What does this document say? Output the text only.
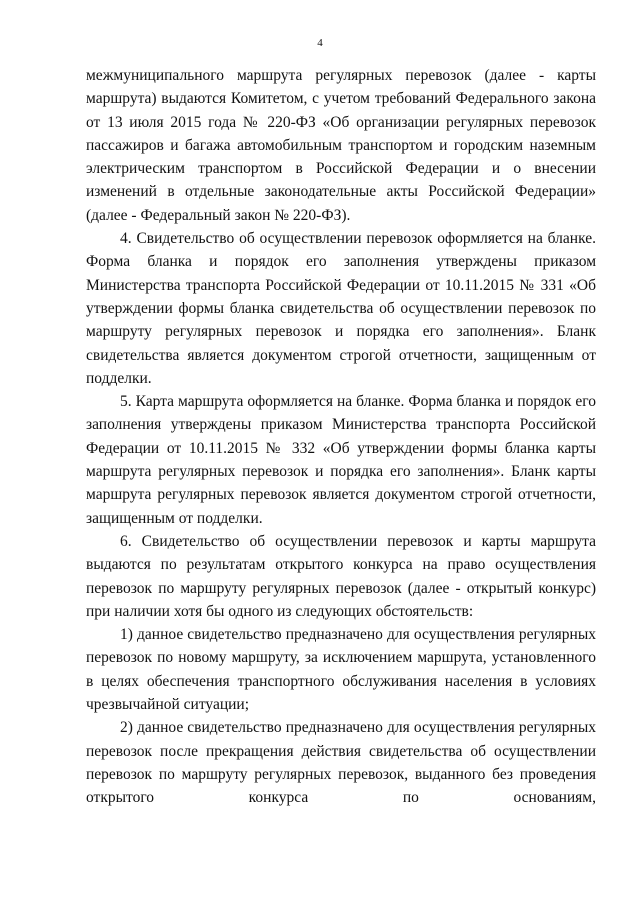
4

межмуниципального маршрута регулярных перевозок (далее - карты маршрута) выдаются Комитетом, с учетом требований Федерального закона от 13 июля 2015 года № 220-ФЗ «Об организации регулярных перевозок пассажиров и багажа автомобильным транспортом и городским наземным электрическим транспортом в Российской Федерации и о внесении изменений в отдельные законодательные акты Российской Федерации» (далее - Федеральный закон № 220-ФЗ).

4. Свидетельство об осуществлении перевозок оформляется на бланке. Форма бланка и порядок его заполнения утверждены приказом Министерства транспорта Российской Федерации от 10.11.2015 № 331 «Об утверждении формы бланка свидетельства об осуществлении перевозок по маршруту регулярных перевозок и порядка его заполнения». Бланк свидетельства является документом строгой отчетности, защищенным от подделки.

5. Карта маршрута оформляется на бланке. Форма бланка и порядок его заполнения утверждены приказом Министерства транспорта Российской Федерации от 10.11.2015 № 332 «Об утверждении формы бланка карты маршрута регулярных перевозок и порядка его заполнения». Бланк карты маршрута регулярных перевозок является документом строгой отчетности, защищенным от подделки.

6. Свидетельство об осуществлении перевозок и карты маршрута выдаются по результатам открытого конкурса на право осуществления перевозок по маршруту регулярных перевозок (далее - открытый конкурс) при наличии хотя бы одного из следующих обстоятельств:

1) данное свидетельство предназначено для осуществления регулярных перевозок по новому маршруту, за исключением маршрута, установленного в целях обеспечения транспортного обслуживания населения в условиях чрезвычайной ситуации;

2) данное свидетельство предназначено для осуществления регулярных перевозок после прекращения действия свидетельства об осуществлении перевозок по маршруту регулярных перевозок, выданного без проведения открытого конкурса по основаниям,
